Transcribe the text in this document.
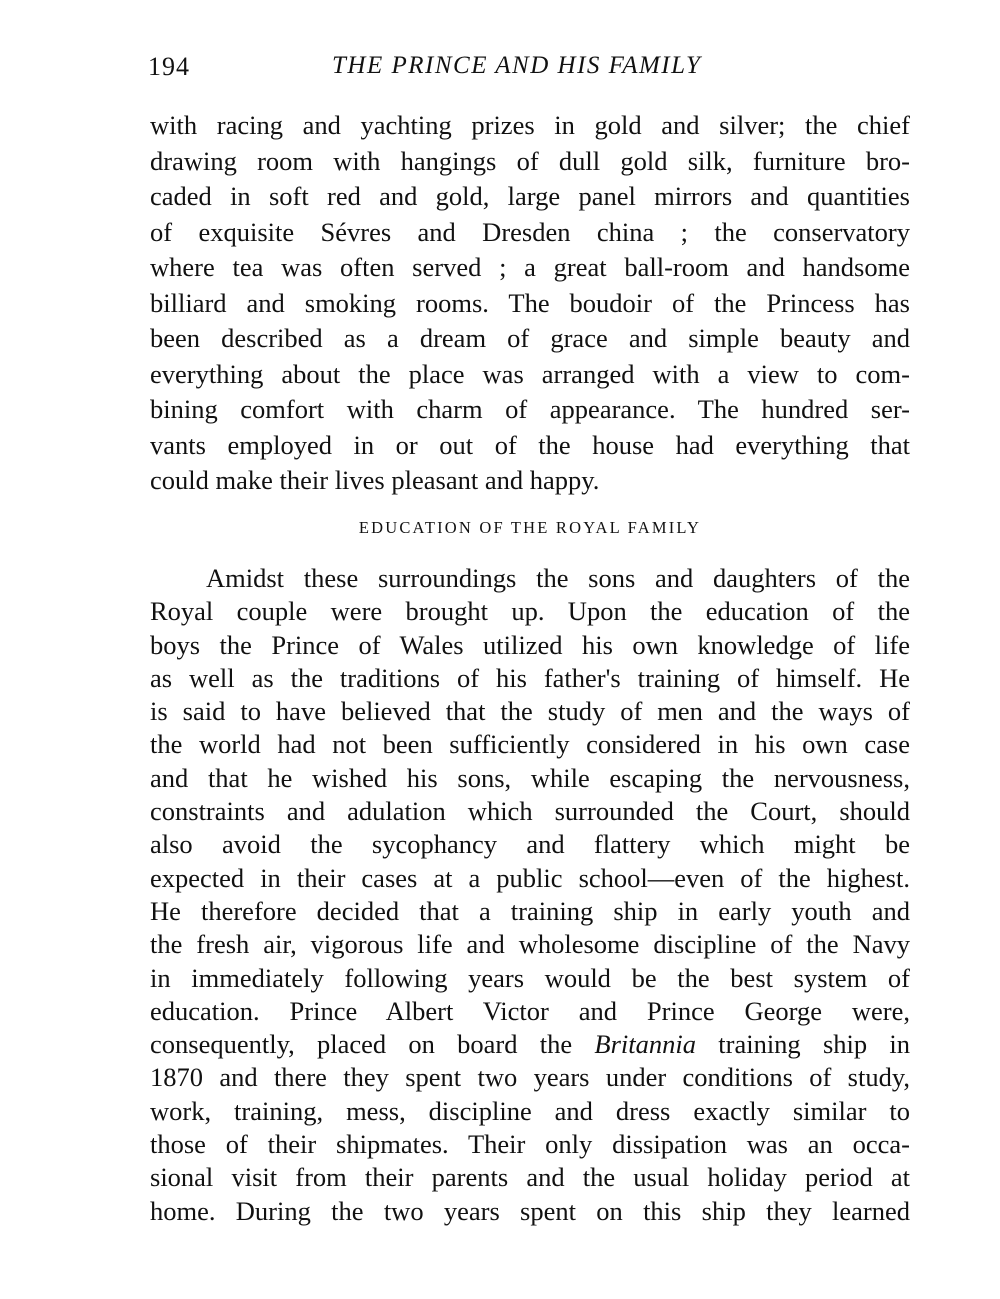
194	THE PRINCE AND HIS FAMILY
with racing and yachting prizes in gold and silver; the chief
drawing room with hangings of dull gold silk, furniture bro-
caded in soft red and gold, large panel mirrors and quantities
of exquisite Sévres and Dresden china ; the conservatory
where tea was often served ; a great ball-room and handsome
billiard and smoking rooms. The boudoir of the Princess has
been described as a dream of grace and simple beauty and
everything about the place was arranged with a view to com-
bining comfort with charm of appearance. The hundred ser-
vants employed in or out of the house had everything that
could make their lives pleasant and happy.
EDUCATION OF THE ROYAL FAMILY
Amidst these surroundings the sons and daughters of the
Royal couple were brought up. Upon the education of the
boys the Prince of Wales utilized his own knowledge of life
as well as the traditions of his father's training of himself. He
is said to have believed that the study of men and the ways of
the world had not been sufficiently considered in his own case
and that he wished his sons, while escaping the nervousness,
constraints and adulation which surrounded the Court, should
also avoid the sycophancy and flattery which might be
expected in their cases at a public school—even of the highest.
He therefore decided that a training ship in early youth and
the fresh air, vigorous life and wholesome discipline of the Navy
in immediately following years would be the best system of
education. Prince Albert Victor and Prince George were,
consequently, placed on board the Britannia training ship in
1870 and there they spent two years under conditions of study,
work, training, mess, discipline and dress exactly similar to
those of their shipmates. Their only dissipation was an occa-
sional visit from their parents and the usual holiday period at
home. During the two years spent on this ship they learned
